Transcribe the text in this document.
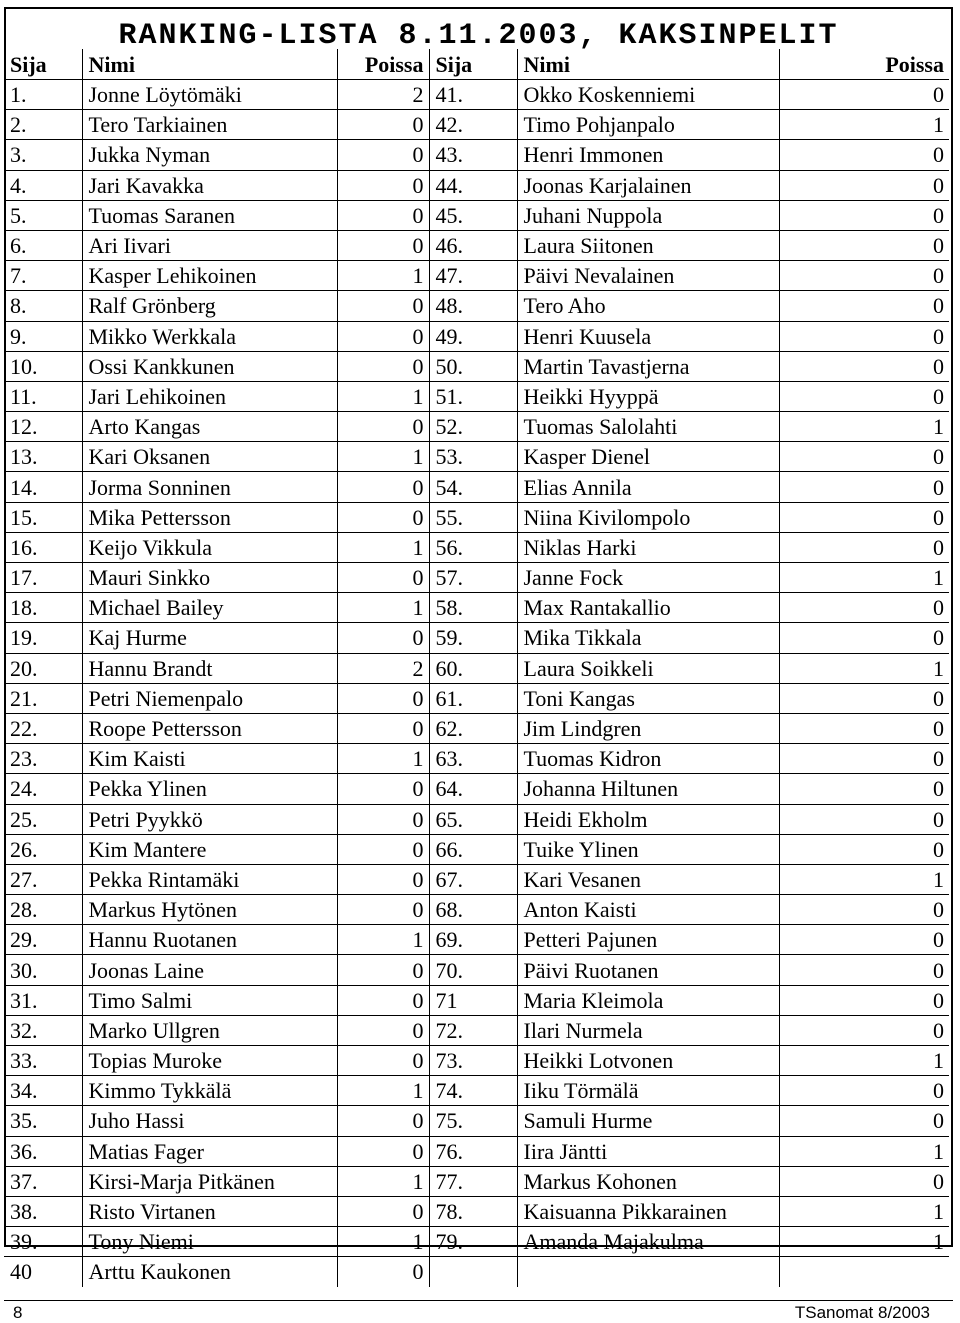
RANKING-LISTA 8.11.2003, KAKSINPELIT
Sija	Nimi	Poissa	Sija	Nimi	Poissa
1.	Jonne Löytömäki	2	41.	Okko Koskenniemi	0
2.	Tero Tarkiainen	0	42.	Timo Pohjanpalo	1
3.	Jukka Nyman	0	43.	Henri Immonen	0
4.	Jari Kavakka	0	44.	Joonas Karjalainen	0
5.	Tuomas Saranen	0	45.	Juhani Nuppola	0
6.	Ari Iivari	0	46.	Laura Siitonen	0
7.	Kasper Lehikoinen	1	47.	Päivi Nevalainen	0
8.	Ralf Grönberg	0	48.	Tero Aho	0
9.	Mikko Werkkala	0	49.	Henri Kuusela	0
10.	Ossi Kankkunen	0	50.	Martin Tavastjerna	0
11.	Jari Lehikoinen	1	51.	Heikki Hyyppä	0
12.	Arto Kangas	0	52.	Tuomas Salolahti	1
13.	Kari Oksanen	1	53.	Kasper Dienel	0
14.	Jorma Sonninen	0	54.	Elias Annila	0
15.	Mika Pettersson	0	55.	Niina Kivilompolo	0
16.	Keijo Vikkula	1	56.	Niklas Harki	0
17.	Mauri Sinkko	0	57.	Janne Fock	1
18.	Michael Bailey	1	58.	Max Rantakallio	0
19.	Kaj Hurme	0	59.	Mika Tikkala	0
20.	Hannu Brandt	2	60.	Laura Soikkeli	1
21.	Petri Niemenpalo	0	61.	Toni Kangas	0
22.	Roope Pettersson	0	62.	Jim Lindgren	0
23.	Kim Kaisti	1	63.	Tuomas Kidron	0
24.	Pekka Ylinen	0	64.	Johanna Hiltunen	0
25.	Petri Pyykkö	0	65.	Heidi Ekholm	0
26.	Kim Mantere	0	66.	Tuike Ylinen	0
27.	Pekka Rintamäki	0	67.	Kari Vesanen	1
28.	Markus Hytönen	0	68.	Anton Kaisti	0
29.	Hannu Ruotanen	1	69.	Petteri Pajunen	0
30.	Joonas Laine	0	70.	Päivi Ruotanen	0
31.	Timo Salmi	0	71	Maria Kleimola	0
32.	Marko Ullgren	0	72.	Ilari Nurmela	0
33.	Topias Muroke	0	73.	Heikki Lotvonen	1
34.	Kimmo Tykkälä	1	74.	Iiku Törmälä	0
35.	Juho Hassi	0	75.	Samuli Hurme	0
36.	Matias Fager	0	76.	Iira Jäntti	1
37.	Kirsi-Marja Pitkänen	1	77.	Markus Kohonen	0
38.	Risto Virtanen	0	78.	Kaisuanna Pikkarainen	1
39.	Tony Niemi	1	79.	Amanda Majakulma	1
40	Arttu Kaukonen	0			
8	TSanomat 8/2003
